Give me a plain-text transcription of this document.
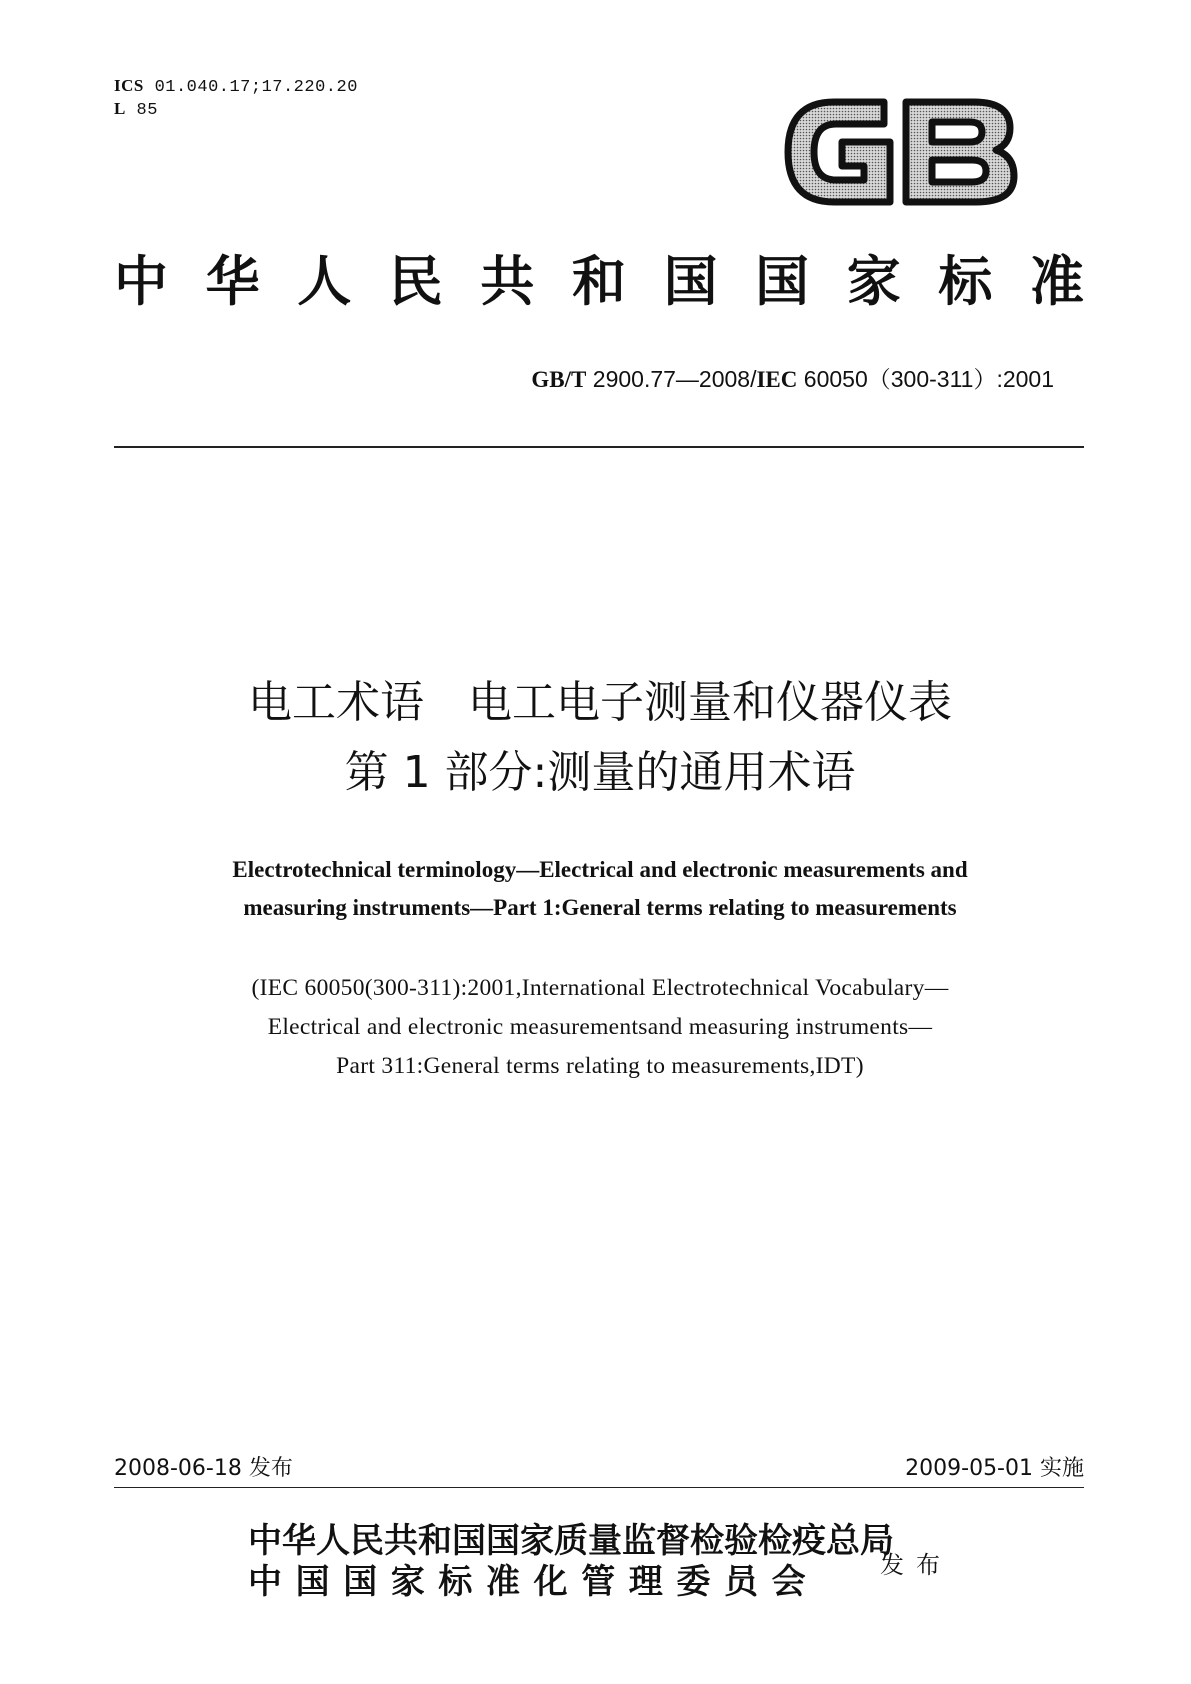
ICS 01.040.17;17.220.20
L 85
中 华 人 民 共 和 国 国 家 标 准
GB/T 2900.77—2008/IEC 60050（300-311）:2001
电工术语　电工电子测量和仪器仪表
第 1 部分:测量的通用术语
Electrotechnical terminology—Electrical and electronic measurements and
measuring instruments—Part 1:General terms relating to measurements
(IEC 60050(300-311):2001,International Electrotechnical Vocabulary—
Electrical and electronic measurementsand measuring instruments—
Part 311:General terms relating to measurements,IDT)
2008-06-18 发布	2009-05-01 实施
中华人民共和国国家质量监督检验检疫总局
中国国家标准化管理委员会	发布
